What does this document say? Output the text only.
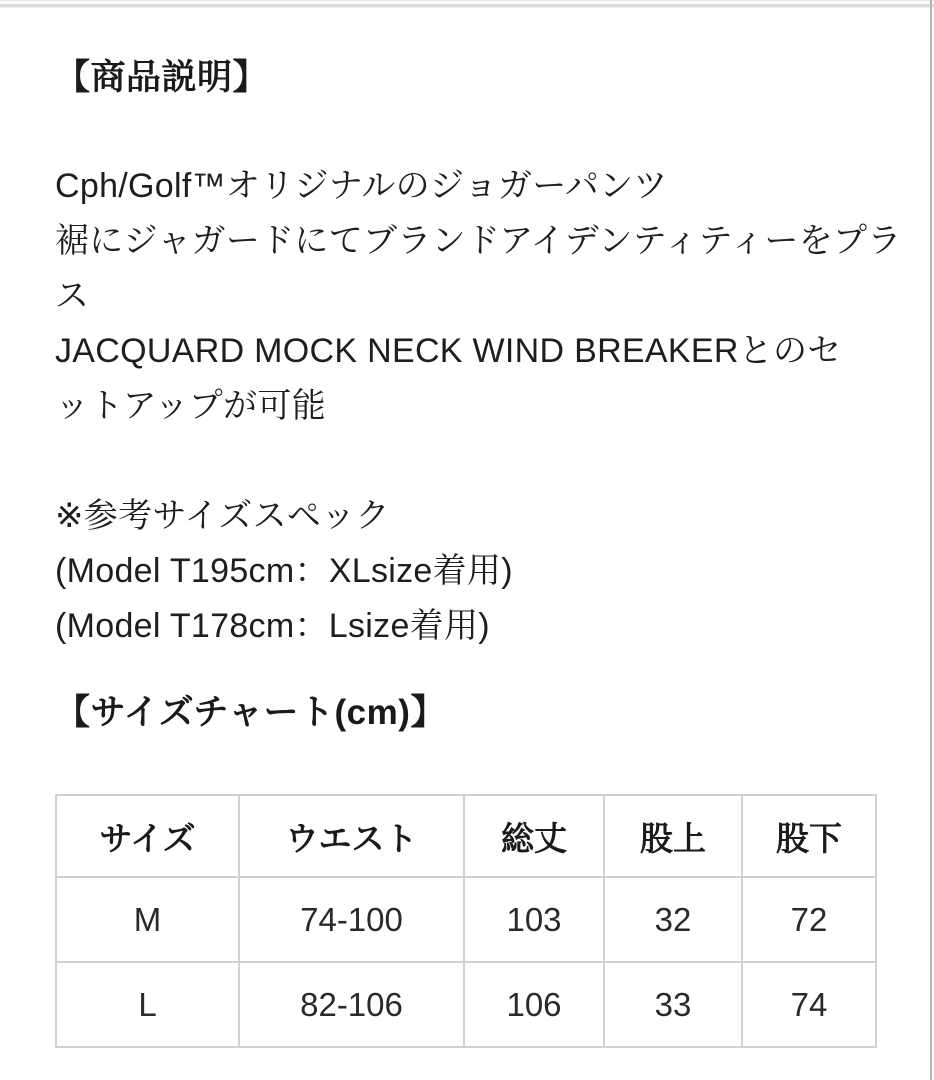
【商品説明】
Cph/Golf™オリジナルのジョガーパンツ
裾にジャガードにてブランドアイデンティティーをプラ
ス
JACQUARD MOCK NECK WIND BREAKERとのセ
ットアップが可能
※参考サイズスペック
(Model T195cm：XLsize着用)
(Model T178cm：Lsize着用)
【サイズチャート(cm)】
サイズ	ウエスト	総丈	股上	股下
M	74-100	103	32	72
L	82-106	106	33	74
